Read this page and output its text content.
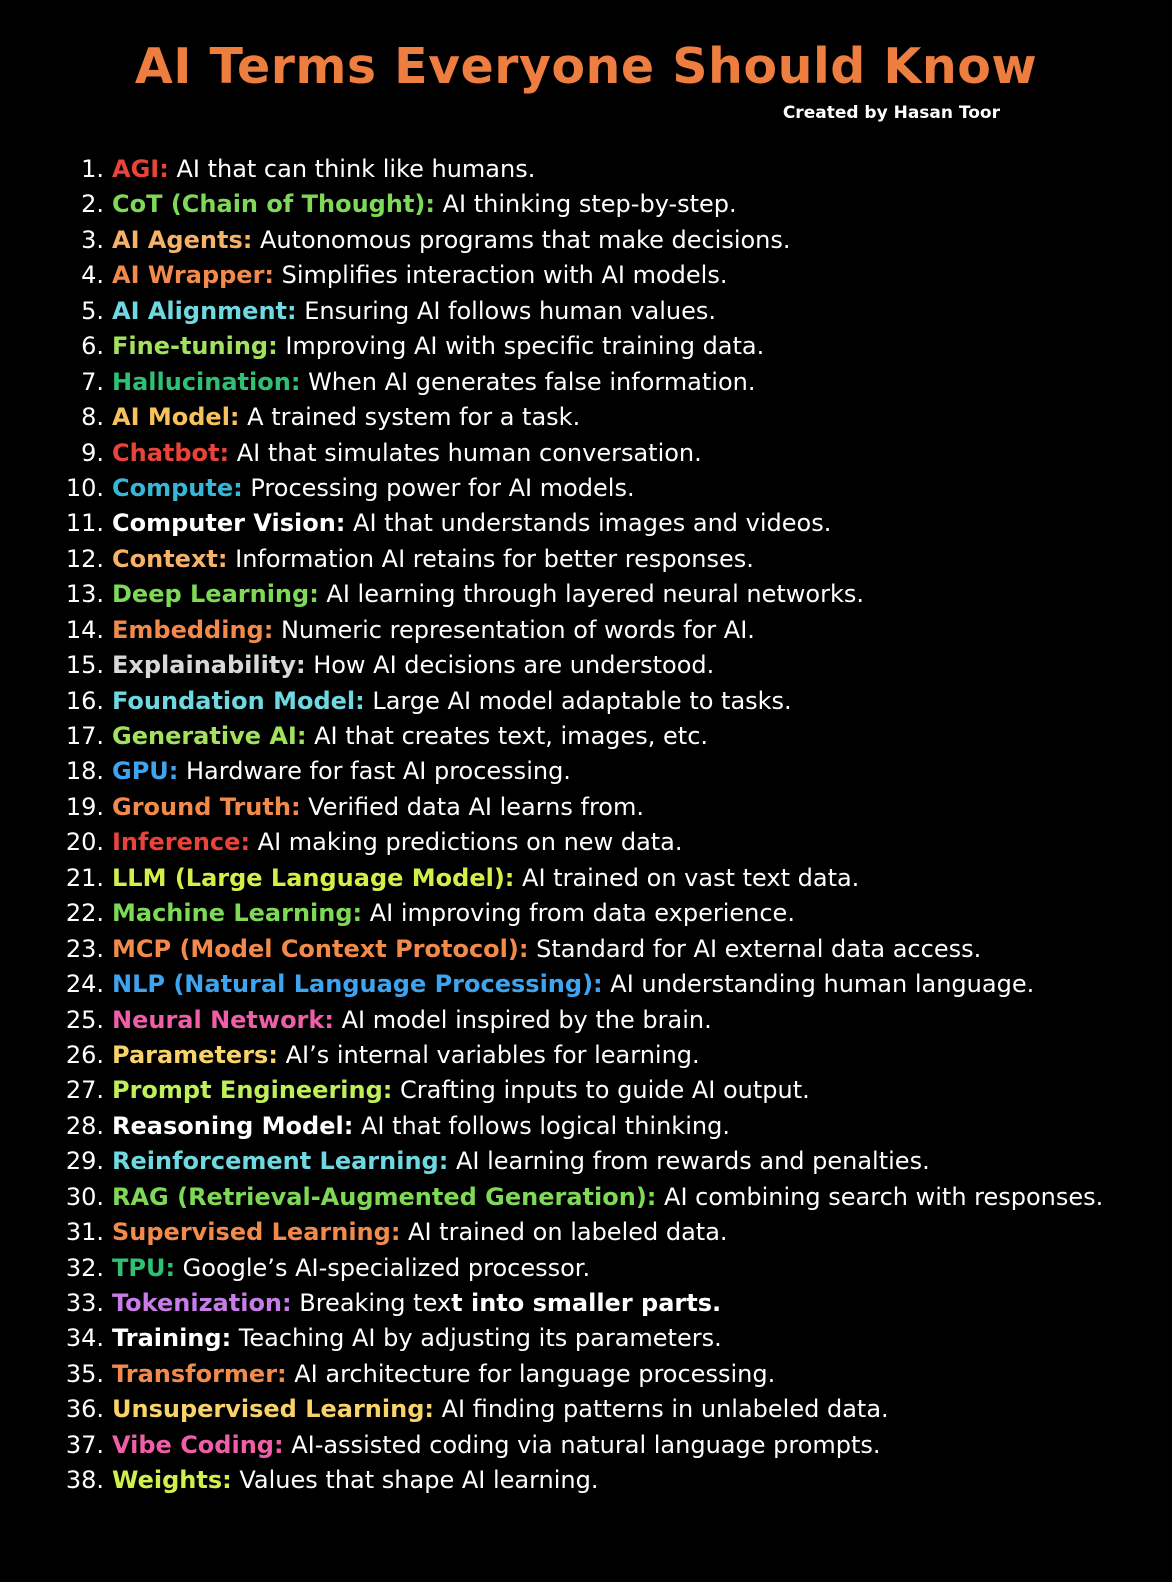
AI Terms Everyone Should Know
Created by Hasan Toor
1. AGI: AI that can think like humans.
2. CoT (Chain of Thought): AI thinking step-by-step.
3. AI Agents: Autonomous programs that make decisions.
4. AI Wrapper: Simplifies interaction with AI models.
5. AI Alignment: Ensuring AI follows human values.
6. Fine-tuning: Improving AI with specific training data.
7. Hallucination: When AI generates false information.
8. AI Model: A trained system for a task.
9. Chatbot: AI that simulates human conversation.
10. Compute: Processing power for AI models.
11. Computer Vision: AI that understands images and videos.
12. Context: Information AI retains for better responses.
13. Deep Learning: AI learning through layered neural networks.
14. Embedding: Numeric representation of words for AI.
15. Explainability: How AI decisions are understood.
16. Foundation Model: Large AI model adaptable to tasks.
17. Generative AI: AI that creates text, images, etc.
18. GPU: Hardware for fast AI processing.
19. Ground Truth: Verified data AI learns from.
20. Inference: AI making predictions on new data.
21. LLM (Large Language Model): AI trained on vast text data.
22. Machine Learning: AI improving from data experience.
23. MCP (Model Context Protocol): Standard for AI external data access.
24. NLP (Natural Language Processing): AI understanding human language.
25. Neural Network: AI model inspired by the brain.
26. Parameters: AI’s internal variables for learning.
27. Prompt Engineering: Crafting inputs to guide AI output.
28. Reasoning Model: AI that follows logical thinking.
29. Reinforcement Learning: AI learning from rewards and penalties.
30. RAG (Retrieval-Augmented Generation): AI combining search with responses.
31. Supervised Learning: AI trained on labeled data.
32. TPU: Google’s AI-specialized processor.
33. Tokenization: Breaking text into smaller parts.
34. Training: Teaching AI by adjusting its parameters.
35. Transformer: AI architecture for language processing.
36. Unsupervised Learning: AI finding patterns in unlabeled data.
37. Vibe Coding: AI-assisted coding via natural language prompts.
38. Weights: Values that shape AI learning.
